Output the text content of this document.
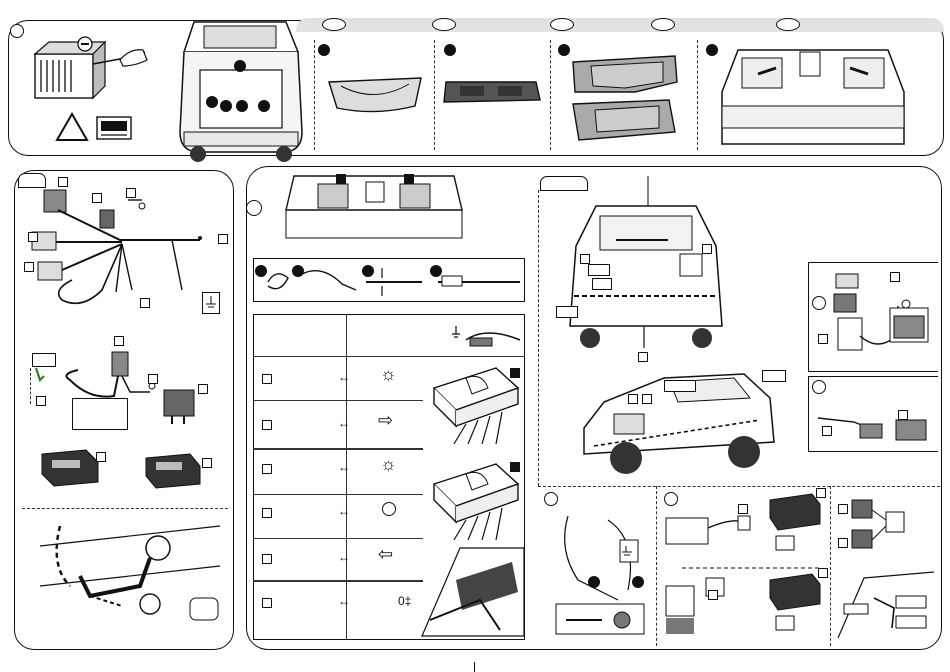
↔ ☼
↔ ⇨
↔ ☼
↔
↔ ⇦
↔	0‡
